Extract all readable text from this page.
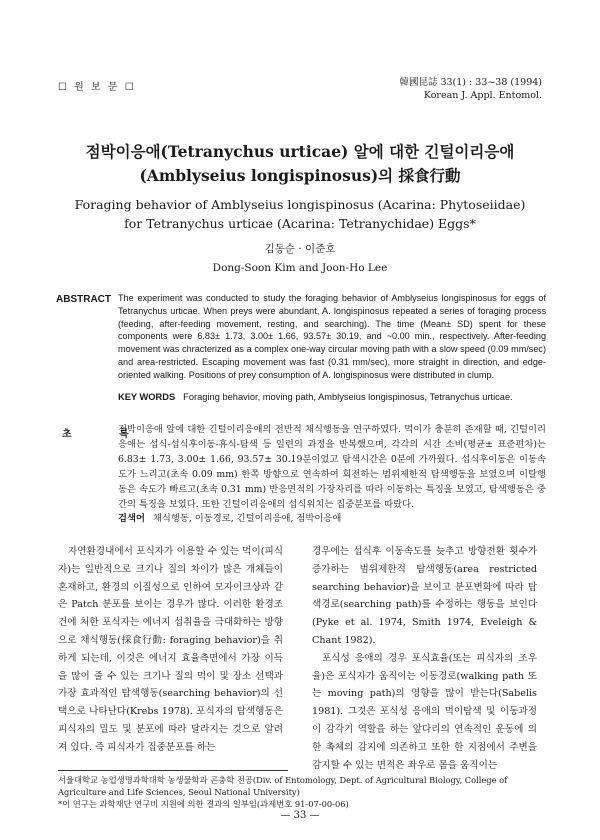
☐ 원 보 문 ☐	韓國昆誌 33(1) : 33~38 (1994)
Korean J. Appl. Entomol.
점박이응애(Tetranychus urticae) 알에 대한 긴털이리응애
(Amblyseius longispinosus)의 採食行動
Foraging behavior of Amblyseius longispinosus (Acarina: Phytoseiidae)
for Tetranychus urticae (Acarina: Tetranychidae) Eggs*
김동순 · 이준호
Dong-Soon Kim and Joon-Ho Lee
ABSTRACT The experiment was conducted to study the foraging behavior of Amblyseius longispinosus for eggs of Tetranychus urticae. When preys were abundant, A. longispinosus repeated a series of foraging process (feeding, after-feeding movement, resting, and searching). The time (Mean± SD) spent for these components were 6.83± 1.73, 3.00± 1.66, 93.57± 30.19, and ~0.00 min., respectively. After-feeding movement was chracterized as a complex one-way circular moving path with a slow speed (0.09 mm/sec) and area-restricted. Escaping movement was fast (0.31 mm/sec), more straight in direction, and edge-oriented walking. Positions of prey consumption of A. longispinosus were distributed in clump.
KEY WORDS Foraging behavior, moving path, Amblyseius longispinosus, Tetranychus urticae.
초 록
점박이응애 알에 대한 긴털이리응애의 전반적 채식행동을 연구하였다. 먹이가 충분히 존재할 때, 긴털이리응애는 섭식-섭식후이동-휴식-탐색 등 일련의 과정을 반복했으며, 각각의 시간 소비(평균± 표준편차)는 6.83± 1.73, 3.00± 1.66, 93.57± 30.19분이었고 탐색시간은 0분에 가까웠다. 섭식후이동은 이동속도가 느리고(초속 0.09 mm) 한쪽 방향으로 연속하여 회전하는 범위제한적 탐색행동을 보였으며 이탈행동은 속도가 빠르고(초속 0.31 mm) 반응면적의 가장자리를 따라 이동하는 특징을 보였고, 탐색행동은 중간의 특징을 보였다. 또한 긴털이리응애의 섭식위치는 집중분포를 따랐다.
검색어 채식행동, 이동경로, 긴털이리응애, 점박이응애
자연환경내에서 포식자가 이용할 수 있는 먹이(피식자)는 일반적으로 크기나 질의 차이가 많은 개체들이 혼재하고, 환경의 이질성으로 인하여 모자이크상과 같은 Patch 분포를 보이는 경우가 많다. 이러한 환경조건에 처한 포식자는 에너지 섭취율을 극대화하는 방향으로 채식행동(採食行動: foraging behavior)을 취하게 되는데, 이것은 에너지 효율측면에서 가장 이득을 많이 줄 수 있는 크기나 질의 먹이 및 장소 선택과 가장 효과적인 탐색행동(searching behavior)의 선택으로 나타난다(Krebs 1978). 포식자의 탐색행동은 피식자의 밀도 및 분포에 따라 달라지는 것으로 알려져 있다. 즉 피식자가 집중분포를 하는

경우에는 섭식후 이동속도를 늦추고 방향전환 횟수가 증가하는 범위제한적 탐색행동(area restricted searching behavior)을 보이고 분포변화에 따라 탐색경로(searching path)를 수정하는 행동을 보인다(Pyke et al. 1974, Smith 1974, Eveleigh & Chant 1982).

포식성 응애의 경우 포식효율(또는 피식자의 조우율)은 포식자가 움직이는 이동경로(walking path 또는 moving path)의 영향을 많이 받는다(Sabelis 1981). 그것은 포식성 응애의 먹이탐색 및 이동과정이 감각기 역할을 하는 앞다리의 연속적인 운동에 의한 촉체의 감지에 의존하고 또한 한 지점에서 주변을 감지할 수 있는 면적은 좌우로 몸을 움직이는

서울대학교 농업생명과학대학 농생물학과 곤충학 전공(Div. of Entomology, Dept. of Agricultural Biology, College of Agriculture and Life Sciences, Seoul National University)
*이 연구는 과학재단 연구비 지원에 의한 결과의 일부임(과제번호 91-07-00-06)
— 33 —
